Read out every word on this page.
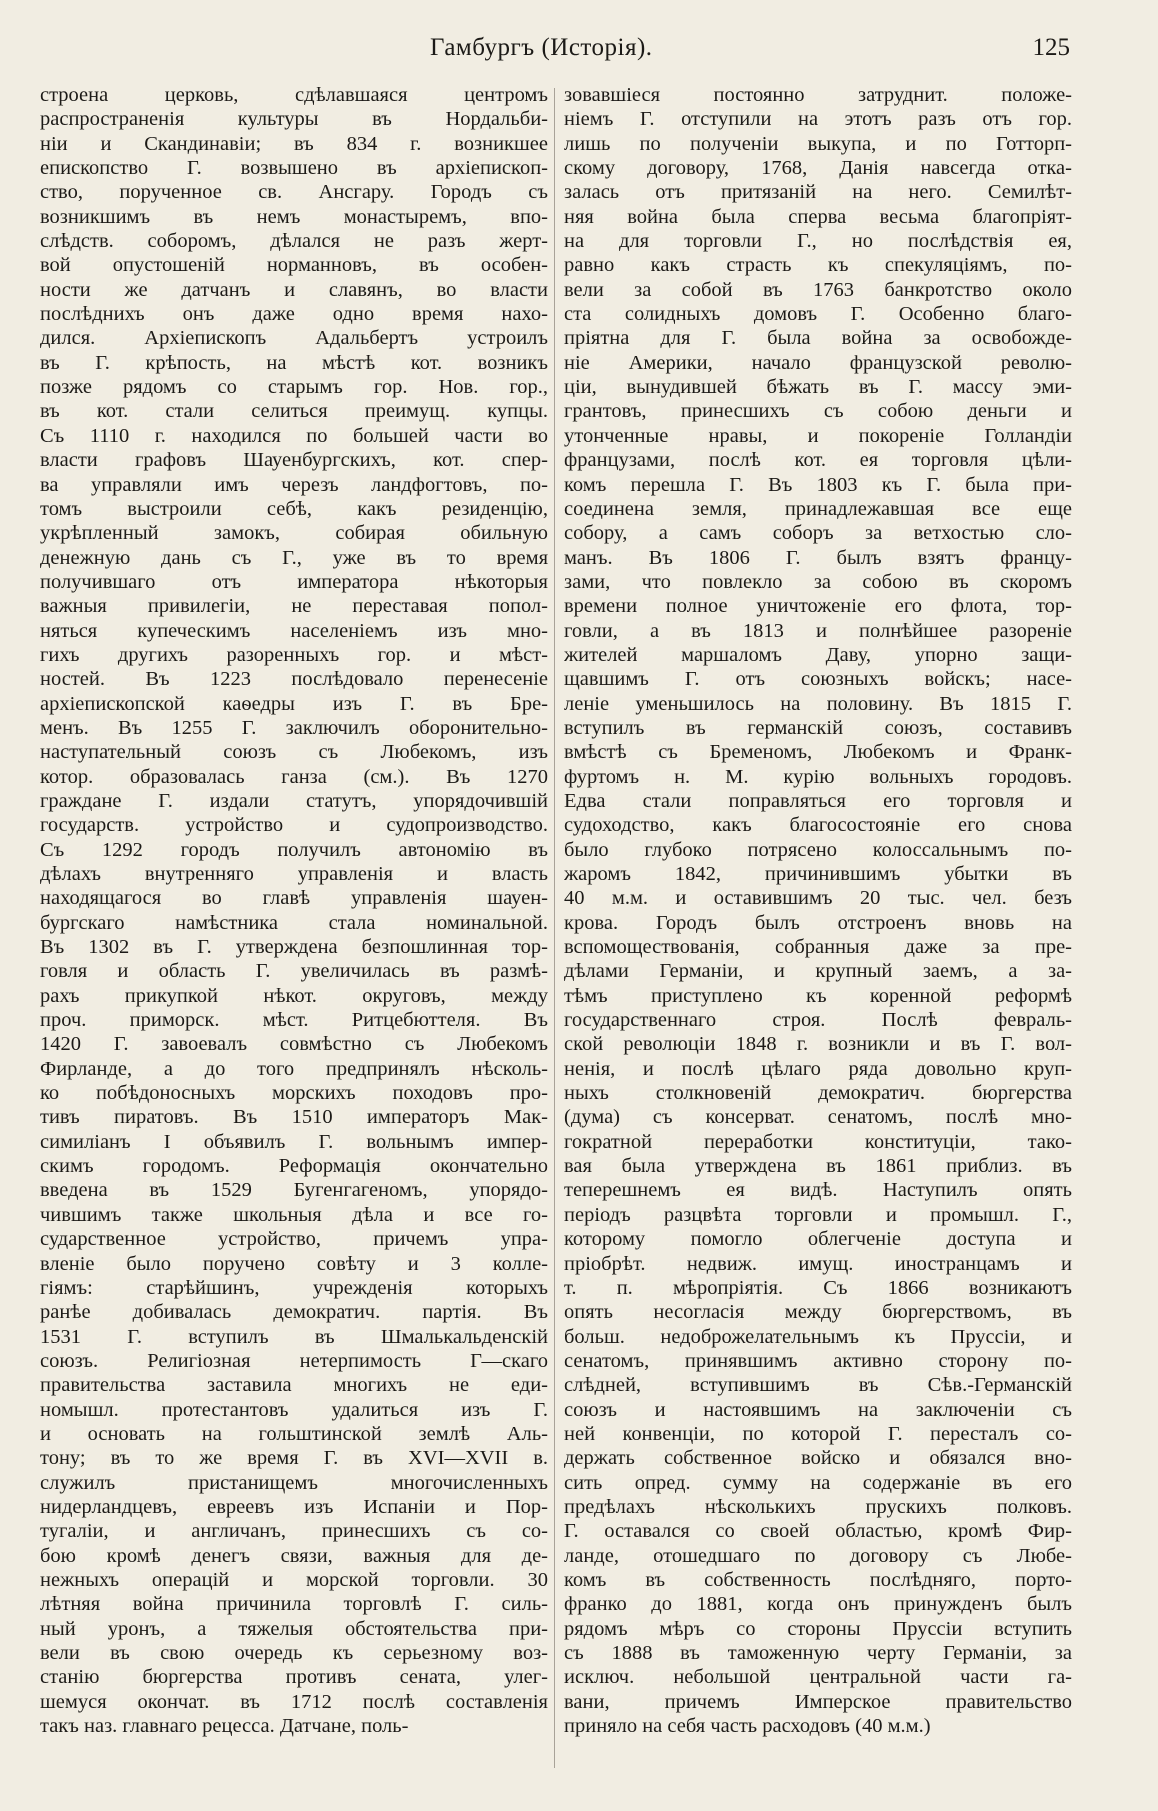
Гамбургъ (Исторія).	125
строена церковь, сдѣлавшаяся центромъ
распространенія культуры въ Нордальби-
ніи и Скандинавіи; въ 834 г. возникшее
епископство Г. возвышено въ архіепископ-
ство, порученное св. Ансгару. Городъ съ
возникшимъ въ немъ монастыремъ, впо-
слѣдств. соборомъ, дѣлался не разъ жерт-
вой опустошеній норманновъ, въ особен-
ности же датчанъ и славянъ, во власти
послѣднихъ онъ даже одно время нахо-
дился. Архіепископъ Адальбертъ устроилъ
въ Г. крѣпость, на мѣстѣ кот. возникъ
позже рядомъ со старымъ гор. Нов. гор.,
въ кот. стали селиться преимущ. купцы.
Съ 1110 г. находился по большей части во
власти графовъ Шауенбургскихъ, кот. спер-
ва управляли имъ черезъ ландфогтовъ, по-
томъ выстроили себѣ, какъ резиденцію,
укрѣпленный замокъ, собирая обильную
денежную дань съ Г., уже въ то время
получившаго отъ императора нѣкоторыя
важныя привилегіи, не переставая попол-
няться купеческимъ населеніемъ изъ мно-
гихъ другихъ разоренныхъ гор. и мѣст-
ностей. Въ 1223 послѣдовало перенесеніе
архіепископской каѳедры изъ Г. въ Бре-
менъ. Въ 1255 Г. заключилъ оборонительно-
наступательный союзъ съ Любекомъ, изъ
котор. образовалась ганза (см.). Въ 1270
граждане Г. издали статутъ, упорядочившій
государств. устройство и судопроизводство.
Съ 1292 городъ получилъ автономію въ
дѣлахъ внутренняго управленія и власть
находящагося во главѣ управленія шауен-
бургскаго намѣстника стала номинальной.
Въ 1302 въ Г. утверждена безпошлинная тор-
говля и область Г. увеличилась въ размѣ-
рахъ прикупкой нѣкот. округовъ, между
проч. приморск. мѣст. Ритцебюттеля. Въ
1420 Г. завоевалъ совмѣстно съ Любекомъ
Фирланде, а до того предпринялъ нѣсколь-
ко побѣдоносныхъ морскихъ походовъ про-
тивъ пиратовъ. Въ 1510 императоръ Мак-
симиліанъ I объявилъ Г. вольнымъ импер-
скимъ городомъ. Реформація окончательно
введена въ 1529 Бугенгагеномъ, упорядо-
чившимъ также школьныя дѣла и все го-
сударственное устройство, причемъ упра-
вленіе было поручено совѣту и 3 колле-
гіямъ: старѣйшинъ, учрежденія которыхъ
ранѣе добивалась демократич. партія. Въ
1531 Г. вступилъ въ Шмалькальденскій
союзъ. Религіозная нетерпимость Г—скаго
правительства заставила многихъ не еди-
номышл. протестантовъ удалиться изъ Г.
и основать на гольштинской землѣ Аль-
тону; въ то же время Г. въ XVI—XVII в.
служилъ пристанищемъ многочисленныхъ
нидерландцевъ, евреевъ изъ Испаніи и Пор-
тугаліи, и англичанъ, принесшихъ съ со-
бою кромѣ денегъ связи, важныя для де-
нежныхъ операцій и морской торговли. 30
лѣтняя война причинила торговлѣ Г. силь-
ный уронъ, а тяжелыя обстоятельства при-
вели въ свою очередь къ серьезному воз-
станію бюргерства противъ сената, улег-
шемуся окончат. въ 1712 послѣ составленія
такъ наз. главнаго рецесса. Датчане, поль-
зовавшіеся постоянно затруднит. положе-
ніемъ Г. отступили на этотъ разъ отъ гор.
лишь по полученіи выкупа, и по Готторп-
скому договору, 1768, Данія навсегда отка-
залась отъ притязаній на него. Семилѣт-
няя война была сперва весьма благопріят-
на для торговли Г., но послѣдствія ея,
равно какъ страсть къ спекуляціямъ, по-
вели за собой въ 1763 банкротство около
ста солидныхъ домовъ Г. Особенно благо-
пріятна для Г. была война за освобожде-
ніе Америки, начало французской револю-
ціи, вынудившей бѣжать въ Г. массу эми-
грантовъ, принесшихъ съ собою деньги и
утонченные нравы, и покореніе Голландіи
французами, послѣ кот. ея торговля цѣли-
комъ перешла Г. Въ 1803 къ Г. была при-
соединена земля, принадлежавшая все еще
собору, а самъ соборъ за ветхостью сло-
манъ. Въ 1806 Г. былъ взятъ францу-
зами, что повлекло за собою въ скоромъ
времени полное уничтоженіе его флота, тор-
говли, а въ 1813 и полнѣйшее разореніе
жителей маршаломъ Даву, упорно защи-
щавшимъ Г. отъ союзныхъ войскъ; насе-
леніе уменьшилось на половину. Въ 1815 Г.
вступилъ въ германскій союзъ, составивъ
вмѣстѣ съ Бременомъ, Любекомъ и Франк-
фуртомъ н. М. курію вольныхъ городовъ.
Едва стали поправляться его торговля и
судоходство, какъ благосостояніе его снова
было глубоко потрясено колоссальнымъ по-
жаромъ 1842, причинившимъ убытки въ
40 м.м. и оставившимъ 20 тыс. чел. безъ
крова. Городъ былъ отстроенъ вновь на
вспомоществованія, собранныя даже за пре-
дѣлами Германіи, и крупный заемъ, а за-
тѣмъ приступлено къ коренной реформѣ
государственнаго строя. Послѣ февраль-
ской революціи 1848 г. возникли и въ Г. вол-
ненія, и послѣ цѣлаго ряда довольно круп-
ныхъ столкновеній демократич. бюргерства
(дума) съ консерват. сенатомъ, послѣ мно-
гократной переработки конституціи, тако-
вая была утверждена въ 1861 приблиз. въ
теперешнемъ ея видѣ. Наступилъ опять
періодъ разцвѣта торговли и промышл. Г.,
которому помогло облегченіе доступа и
пріобрѣт. недвиж. имущ. иностранцамъ и
т. п. мѣропріятія. Съ 1866 возникаютъ
опять несогласія между бюргерствомъ, въ
больш. недоброжелательнымъ къ Пруссіи, и
сенатомъ, принявшимъ активно сторону по-
слѣдней, вступившимъ въ Сѣв.-Германскій
союзъ и настоявшимъ на заключеніи съ
ней конвенціи, по которой Г. пересталъ со-
держать собственное войско и обязался вно-
сить опред. сумму на содержаніе въ его
предѣлахъ нѣсколькихъ прускихъ полковъ.
Г. оставался со своей областью, кромѣ Фир-
ланде, отошедшаго по договору съ Любе-
комъ въ собственность послѣдняго, порто-
франко до 1881, когда онъ принужденъ былъ
рядомъ мѣръ со стороны Пруссіи вступить
съ 1888 въ таможенную черту Германіи, за
исключ. небольшой центральной части га-
вани, причемъ Имперское правительство
приняло на себя часть расходовъ (40 м.м.)
